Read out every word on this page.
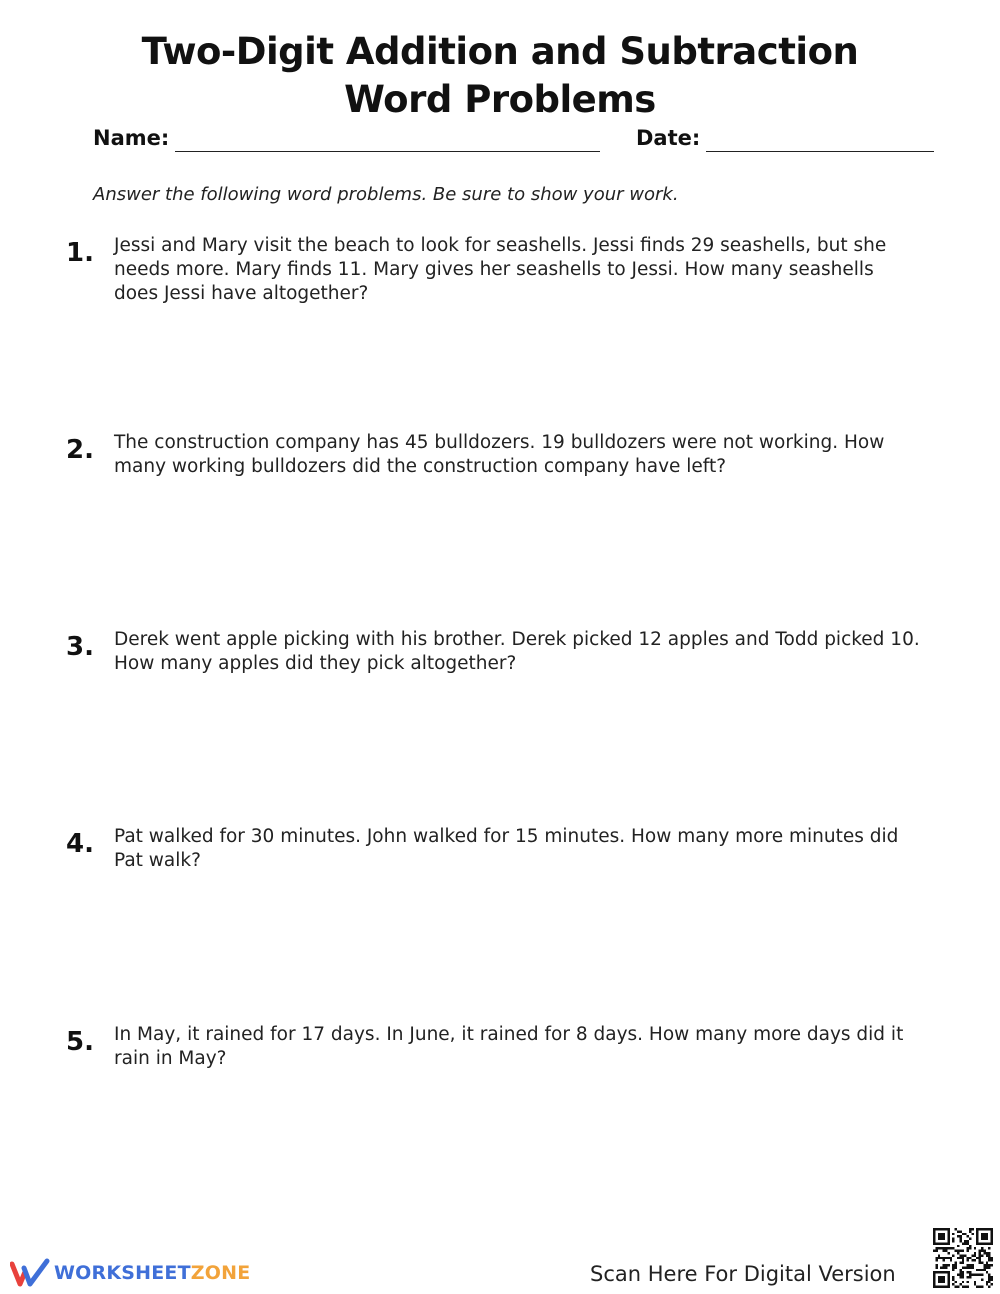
Two-Digit Addition and Subtraction
Word Problems
Name:	Date:
Answer the following word problems. Be sure to show your work.
1. Jessi and Mary visit the beach to look for seashells. Jessi finds 29 seashells, but she needs more. Mary finds 11. Mary gives her seashells to Jessi. How many seashells does Jessi have altogether?
2. The construction company has 45 bulldozers. 19 bulldozers were not working. How many working bulldozers did the construction company have left?
3. Derek went apple picking with his brother. Derek picked 12 apples and Todd picked 10. How many apples did they pick altogether?
4. Pat walked for 30 minutes. John walked for 15 minutes. How many more minutes did Pat walk?
5. In May, it rained for 17 days. In June, it rained for 8 days. How many more days did it rain in May?
WORKSHEETZONE	Scan Here For Digital Version
